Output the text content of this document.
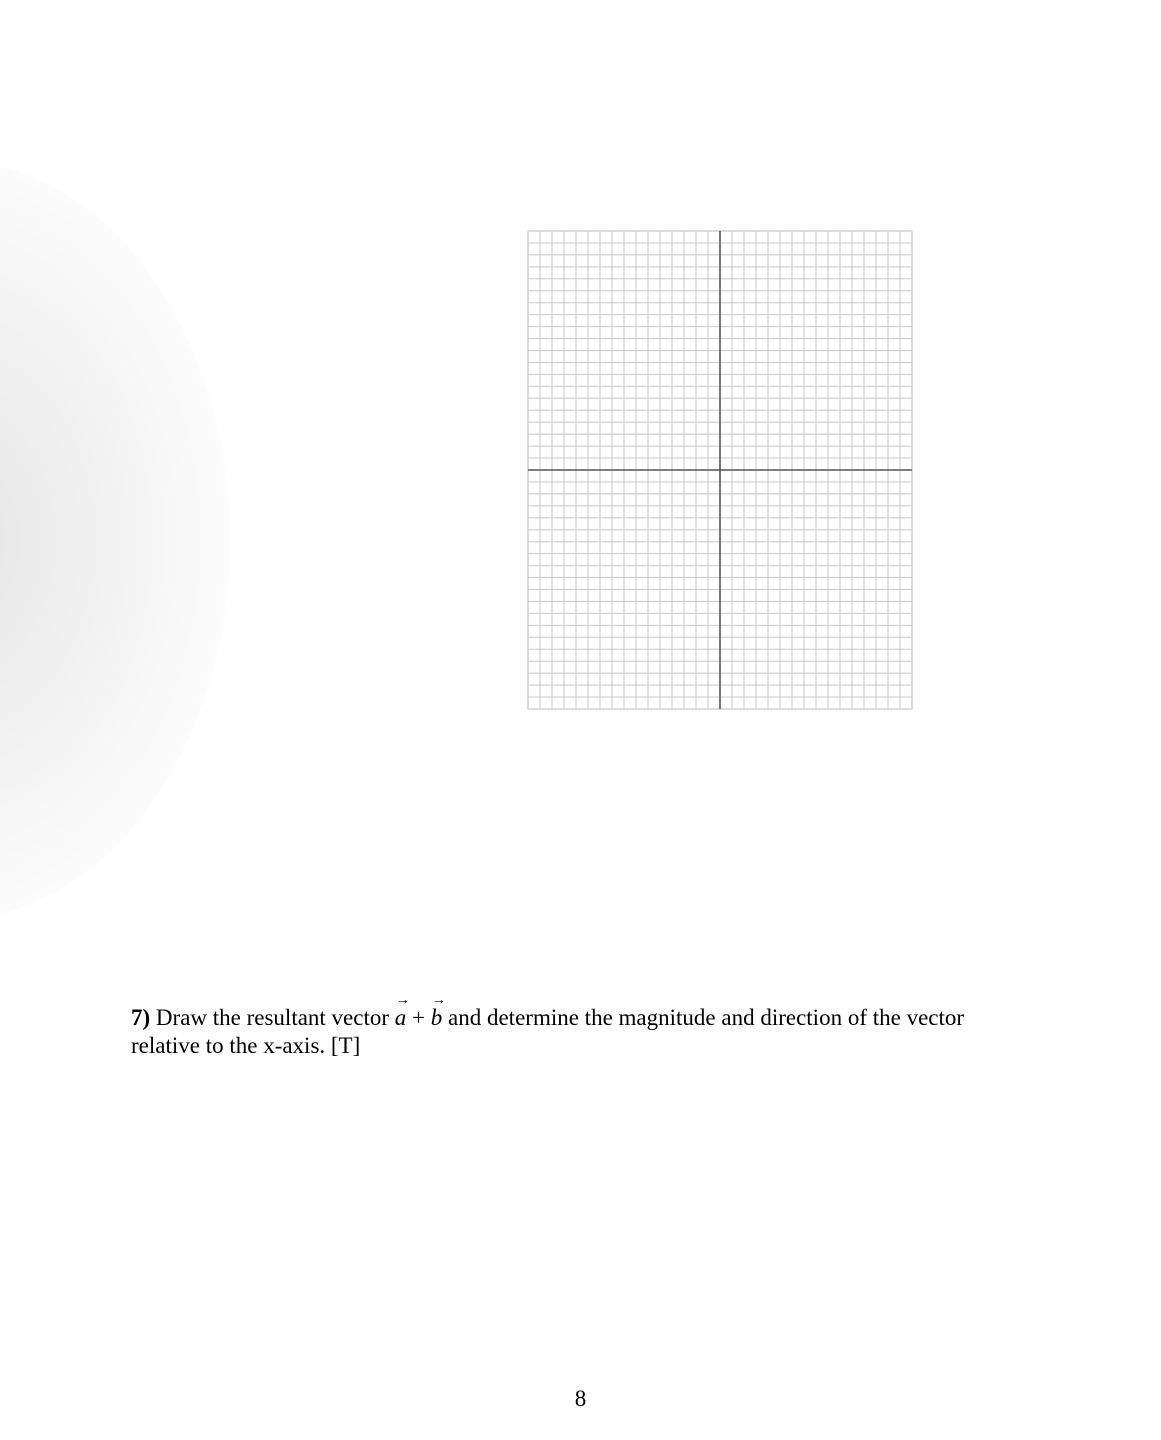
7) Draw the resultant vector
→
a +
→
b and determine the magnitude and direction of the vector relative to the x-axis. [T]
8
